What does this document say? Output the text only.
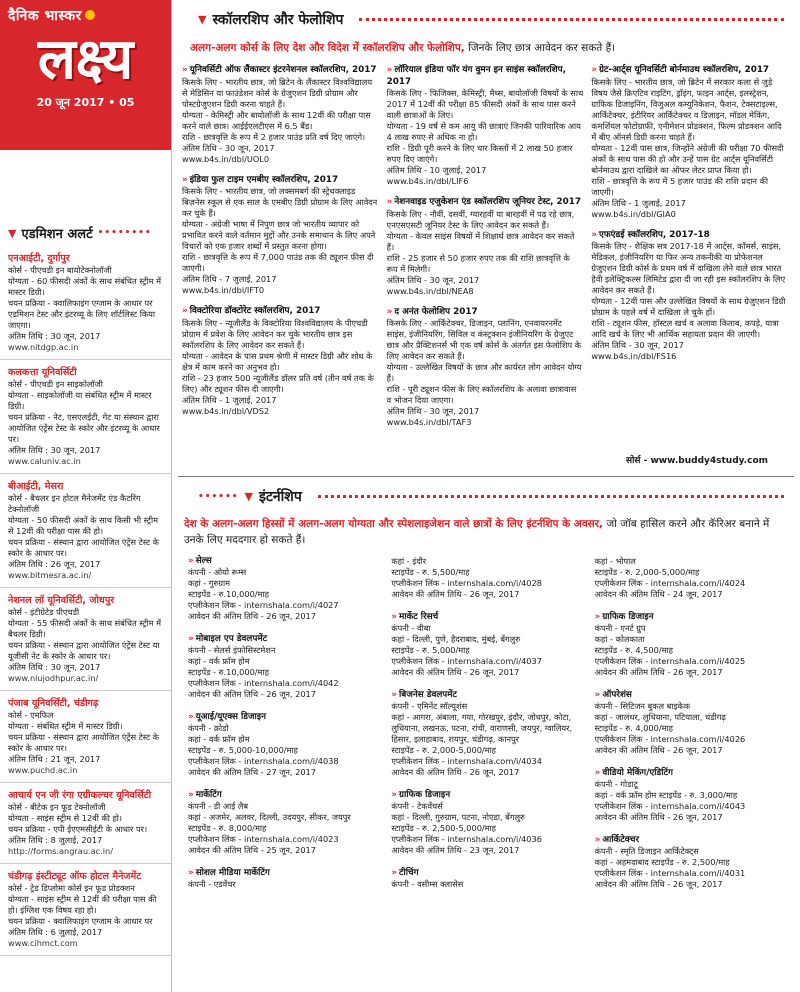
दैनिक भास्कर
लक्ष्य
20 जून 2017 • 05
▼ एडमिशन अलर्ट ••••••••
एनआईटी, दुर्गापुर
कोर्स - पीएचडी इन बायोटेक्नोलॉजी
योग्यता - 60 फीसदी अंकों के साथ संबंधित स्ट्रीम में मास्टर डिग्री।
चयन प्रक्रिया - क्वालिफाइंग एग्जाम के आधार पर एडमिशन टेस्ट और इंटरव्यू के लिए शॉर्टलिस्ट किया जाएगा।
अंतिम तिथि : 30 जून, 2017
www.nitdgp.ac.in
कलकत्ता यूनिवर्सिटी
कोर्स - पीएचडी इन साइकोलॉजी
योग्यता - साइकोलॉजी या संबंधित स्ट्रीम में मास्टर डिग्री।
चयन प्रक्रिया - नेट, एसएलईटी, गेट या संस्थान द्वारा आयोजित एंट्रेंस टेस्ट के स्कोर और इंटरव्यू के आधार पर।
अंतिम तिथि : 30 जून, 2017
www.caluniv.ac.in
बीआईटी, मेसरा
कोर्स - बैचलर इन होटल मैनेजमेंट एंड कैटरिंग टेक्नोलॉजी
योग्यता - 50 फीसदी अंकों के साथ किसी भी स्ट्रीम से 12वीं की परीक्षा पास की हो।
चयन प्रक्रिया - संस्थान द्वारा आयोजित एंट्रेंस टेस्ट के स्कोर के आधार पर।
अंतिम तिथि : 26 जून, 2017
www.bitmesra.ac.in/
नेशनल लॉ यूनिवर्सिटी, जोधपुर
कोर्स - इंटीग्रेटेड पीएचडी
योग्यता - 55 फीसदी अंकों के साथ संबंधित स्ट्रीम में बैचलर डिग्री।
चयन प्रक्रिया - संस्थान द्वारा आयोजित एंट्रेंस टेस्ट या यूजीसी नेट के स्कोर के आधार पर।
अंतिम तिथि : 30 जून, 2017
www.nlujodhpur.ac.in/
पंजाब यूनिवर्सिटी, चंडीगढ़
कोर्स - एमफिल
योग्यता - संबंधित स्ट्रीम में मास्टर डिग्री।
चयन प्रक्रिया - संस्थान द्वारा आयोजित एंट्रेंस टेस्ट के स्कोर के आधार पर।
अंतिम तिथि : 21 जून, 2017
www.puchd.ac.in
आचार्य एन जी रंगा एग्रीकल्चर यूनिवर्सिटी
कोर्स - बीटेक इन फूड टेक्नोलॉजी
योग्यता - साइंस स्ट्रीम से 12वीं की हो।
चयन प्रक्रिया - एपी ईएएमसीईटी के आधार पर।
अंतिम तिथि : 8 जुलाई, 2017
http://forms.angrau.ac.in/
चंडीगढ़ इंस्टीट्यूट ऑफ होटल मैनेजमेंट
कोर्स - ट्रेड डिप्लोमा कोर्स इन फूड प्रोडक्शन
योग्यता - साइंस स्ट्रीम से 12वीं की परीक्षा पास की हो। इंग्लिश एक विषय रहा हो।
चयन प्रक्रिया - क्वालिफाइंग एग्जाम के आधार पर
अंतिम तिथि : 6 जुलाई, 2017
www.cihmct.com
▼ स्कॉलरशिप और फेलोशिप

अलग-अलग कोर्स के लिए देश और विदेश में स्कॉलरशिप और फेलोशिप, जिनके लिए छात्र आवेदन कर सकते हैं।

» यूनिवर्सिटी ऑफ लैंकास्टर इंटरनेशनल स्कॉलरशिप, 2017
किसके लिए - भारतीय छात्र, जो ब्रिटेन के लैंकास्टर विश्वविद्यालय से मेडिसिन या फाउंडेशन कोर्स के ग्रेजुएशन डिग्री प्रोग्राम और पोस्टग्रेजुएशन डिग्री करना चाहते हैं।
योग्यता - केमिस्ट्री और बायोलॉजी के साथ 12वीं की परीक्षा पास करने वाले छात्र। आईईएलटीएस में 6.5 बैंड।
राशि - छात्रवृत्ति के रूप में 2 हजार पाउंड प्रति वर्ष दिए जाएंगे।
अंतिम तिथि - 30 जून, 2017
www.b4s.in/dbl/UOL0
» इंडिया फुल टाइम एमबीए स्कॉलरशिप, 2017
किसके लिए - भारतीय छात्र, जो लक्समबर्ग की स्ट्रेथक्लाइड बिज़नेस स्कूल से एक साल के एमबीए डिग्री प्रोग्राम के लिए आवेदन कर चुके हैं।
योग्यता - अंग्रेजी भाषा में निपुण छात्र जो भारतीय व्यापार को प्रभावित करने वाले वर्तमान मुद्दों और उनके समाधान के लिए अपने विचारों को एक हजार शब्दों में प्रस्तुत करना होगा।
राशि - छात्रवृत्ति के रूप में 7,000 पाउंड तक की ट्यूशन फीस दी जाएगी।
अंतिम तिथि - 7 जुलाई, 2017
www.b4s.in/dbl/IFT0
» विक्टोरिया डॉक्टोरेट स्कॉलरशिप, 2017
किसके लिए - न्यूजीलैंड के विक्टोरिया विश्वविद्यालय के पीएचडी प्रोग्राम में प्रवेश के लिए आवेदन कर चुके भारतीय छात्र इस स्कॉलरशिप के लिए आवेदन कर सकते हैं।
योग्यता - आवेदन के पास प्रथम श्रेणी में मास्टर डिग्री और शोध के क्षेत्र में काम करने का अनुभव हो।
राशि - 23 हजार 500 न्यूजीलैंड डॉलर प्रति वर्ष (तीन वर्ष तक के लिए) और ट्यूशन फीस दी जाएगी।
अंतिम तिथि - 1 जुलाई, 2017
www.b4s.in/dbl/VDS2
» लॉरियाल इंडिया फॉर यंग वुमन इन साइंस स्कॉलरशिप, 2017
किसके लिए - फिजिक्स, केमिस्ट्री, मैथ्स, बायोलॉजी विषयों के साथ 2017 में 12वीं की परीक्षा 85 फीसदी अंकों के साथ पास करने वाली छात्राओं के लिए।
योग्यता - 19 वर्ष से कम आयु की छात्राएं जिनकी पारिवारिक आय 4 लाख रुपए से अधिक ना हो।
राशि - डिग्री पूरी करने के लिए चार किस्तों में 2 लाख 50 हजार रुपए दिए जाएंगे।
अंतिम तिथि - 10 जुलाई, 2017
www.b4s.in/dbl/LIF6
» नेशनवाइड एजुकेशन एंड स्कॉलरशिप जूनियर टेस्ट, 2017
किसके लिए - नौवीं, दसवीं, ग्यारहवीं या बारहवीं में पढ़ रहे छात्र, एनएसएसटी जूनियर टेस्ट के लिए आवेदन कर सकते हैं।
योग्यता - केवल साइंस विषयों में शिक्षार्थ छात्र आवेदन कर सकते हैं।
राशि - 25 हजार से 50 हजार रुपए तक की राशि छात्रवृत्ति के रूप में मिलेगी।
अंतिम तिथि - 30 जून, 2017
www.b4s.in/dbl/NEA8
» द अनंत फेलोशिप 2017
किसके लिए - आर्किटेक्चर, डिजाइन, प्लानिंग, एनवायरनमेंट साइंस, इंजीनियरिंग, सिविल व कंस्ट्रक्शन इंजीनियरिंग के ग्रेजुएट छात्र और प्रैक्टिशनर्स भी एक वर्ष कोर्स के अंतर्गत इस फेलोशिप के लिए आवेदन कर सकते हैं।
योग्यता - उल्लेखित विषयों के छात्र और कार्यरत लोग आवेदन योग्य हैं।
राशि - पूरी ट्यूशन फीस के लिए स्कॉलरशिप के अलावा छात्रावास व भोजन दिया जाएगा।
अंतिम तिथि - 30 जून, 2017
www.b4s.in/dbl/TAF3
» ग्रेट-आर्ट्स यूनिवर्सिटी बोर्नमाउथ स्कॉलरशिप, 2017
किसके लिए - भारतीय छात्र, जो ब्रिटेन में सरकार कला से जुड़े विषय जैसे क्रिएटिव राइटिंग, ड्रॉइंग, फाइन आर्ट्स, इलस्ट्रेशन, ग्राफिक डिजाइनिंग, विजुअल कम्युनिकेशन, फैशन, टेक्सटाइल्स, आर्किटेक्चर, इंटीरियर आर्किटेक्चर व डिजाइन, मॉडल मेकिंग, कमर्शियल फोटोग्राफी, एनीमेशन प्रोडक्शन, फिल्म प्रोडक्शन आदि में बीए ऑनर्स डिग्री करना चाहते हैं।
योग्यता - 12वीं पास छात्र, जिन्होंने अंग्रेजी की परीक्षा 70 फीसदी अंकों के साथ पास की हो और उन्हें पास ग्रेट आर्ट्स यूनिवर्सिटी बोर्नमाउथ द्वारा दाखिले का ऑफर लेटर प्राप्त किया हो।
राशि - छात्रवृत्ति के रूप में 5 हजार पाउंड की राशि प्रदान की जाएगी।
अंतिम तिथि - 1 जुलाई, 2017
www.b4s.in/dbl/GIA0
» एफएंडई स्कॉलरशिप, 2017-18
किसके लिए - शैक्षिक सत्र 2017-18 में आर्ट्स, कॉमर्स, साइंस, मेडिकल, इंजीनियरिंग या फिर अन्य तकनीकी या प्रोफेशनल ग्रेजुएशन डिग्री कोर्स के प्रथम वर्ष में दाखिला लेने वाले छात्र भारत हैवी इलेक्ट्रिकल्स लिमिटेड द्वारा दी जा रही इस स्कॉलरशिप के लिए आवेदन कर सकते हैं।
योग्यता - 12वीं पास और उल्लेखित विषयों के साथ ग्रेजुएशन डिग्री प्रोग्राम के पहले वर्ष में दाखिला ले चुके हों।
राशि - ट्यूशन फीस, हॉस्टल खर्च व अलावा किताब, कपड़े, यात्रा आदि खर्च के लिए भी आर्थिक सहायता प्रदान की जाएगी।
अंतिम तिथि - 30 जून, 2017
www.b4s.in/dbl/FS16
सोर्स - www.buddy4study.com
•••••• ▼ इंटर्नशिप

देश के अलग-अलग हिस्सों में अलग-अलग योग्यता और स्पेशलाइजेशन वाले छात्रों के लिए इंटर्नशिप के अवसर, जो जॉब हासिल करने और कॅरिअर बनाने में उनके लिए मददगार हो सकते हैं।

» सेल्स
कंपनी - ओयो रूम्स
कहां - गुरुग्राम
स्टाइपेंड - रु.10,000/माह
एप्लीकेशन लिंक - internshala.com/i/4027
आवेदन की अंतिम तिथि - 26 जून, 2017
» मोबाइल एप डेवलपमेंट
कंपनी - सेलर्स इंफोसिस्टमेशन
कहां - वर्क फ्रॉम होम
स्टाइपेंड - रु.10,000/माह
एप्लीकेशन लिंक - internshala.com/i/4042
आवेदन की अंतिम तिथि - 26 जून, 2017
» यूआई/यूएक्स डिजाइन
कंपनी - क्रोडो
कहां - वर्क फ्रॉम होम
स्टाइपेंड - रु. 5,000-10,000/माह
एप्लीकेशन लिंक - internshala.com/i/4038
आवेदन की अंतिम तिथि - 27 जून, 2017
» मार्केटिंग
कंपनी - डी आई लैब
कहां - अजमेर, अलवर, दिल्ली, उदयपुर, सीकर, जयपुर
स्टाइपेंड - रु. 8,000/माह
एप्लीकेशन लिंक - internshala.com/i/4023
आवेदन की अंतिम तिथि - 25 जून, 2017
» सोशल मीडिया मार्केटिंग
कंपनी - एडवेंचर
कहां - इंदौर
स्टाइपेंड - रु. 5,500/माह
एप्लीकेशन लिंक - internshala.com/i/4028
आवेदन की अंतिम तिथि - 26 जून, 2017
» मार्केट रिसर्च
कंपनी - वीबा
कहां - दिल्ली, पुणे, हैदराबाद, मुंबई, बेंगलुरु
स्टाइपेंड - रु. 5,000/माह
एप्लीकेशन लिंक - internshala.com/i/4037
आवेदन की अंतिम तिथि - 26 जून, 2017
» बिजनेस डेवलपमेंट
कंपनी - एमिनेंट सॉल्यूशंस
कहां - आगरा, अंबाला, गया, गोरखपुर, इंदौर, जोधपुर, कोटा, लुधियाना, लखनऊ, पटना, रांची, वाराणसी, जयपुर, ग्वालियर, हिसार, इलाहाबाद, रायपुर, चंडीगढ़, कानपुर
स्टाइपेंड - रु. 2,000-5,000/माह
एप्लीकेशन लिंक - internshala.com/i/4034
आवेदन की अंतिम तिथि - 26 जून, 2017
» ग्राफिक डिजाइन
कंपनी - टेकवेंचर्स
कहां - दिल्ली, गुरुग्राम, पटना, नोएडा, बेंगलुरु
स्टाइपेंड - रु. 2,500-5,000/माह
एप्लीकेशन लिंक - internshala.com/i/4036
आवेदन की अंतिम तिथि - 23 जून, 2017
» टीचिंग
कंपनी - वसीम्स क्लासेस
कहां - भोपाल
स्टाइपेंड - रु. 2,000-5,000/माह
एप्लीकेशन लिंक - internshala.com/i/4024
आवेदन की अंतिम तिथि - 24 जून, 2017
» ग्राफिक डिजाइन
कंपनी - एनर्ट ग्रुप
कहां - कोलकाता
स्टाइपेंड - रु. 4,500/माह
एप्लीकेशन लिंक - internshala.com/i/4025
आवेदन की अंतिम तिथि - 26 जून, 2017
» ऑपरेशंस
कंपनी - सिटिजन बुकल बाइकेक
कहां - जालंधर, लुधियाना, पटियाला, चंडीगढ़
स्टाइपेंड - रु. 4,000/माह
एप्लीकेशन लिंक - internshala.com/i/4026
आवेदन की अंतिम तिथि - 26 जून, 2017
» वीडियो मेकिंग/एडिटिंग
कंपनी - गोडाटू
कहां - वर्क फ्रॉम होम स्टाइपेंड - रु. 3,000/माह
एप्लीकेशन लिंक - internshala.com/i/4043
आवेदन की अंतिम तिथि - 26 जून, 2017
» आर्किटेक्चर
कंपनी - स्मृति डिजाइन आर्किटेक्ट्स
कहां - अहमदाबाद स्टाइपेंड - रु. 2,500/माह
एप्लीकेशन लिंक - internshala.com/i/4031
आवेदन की अंतिम तिथि - 26 जून, 2017
